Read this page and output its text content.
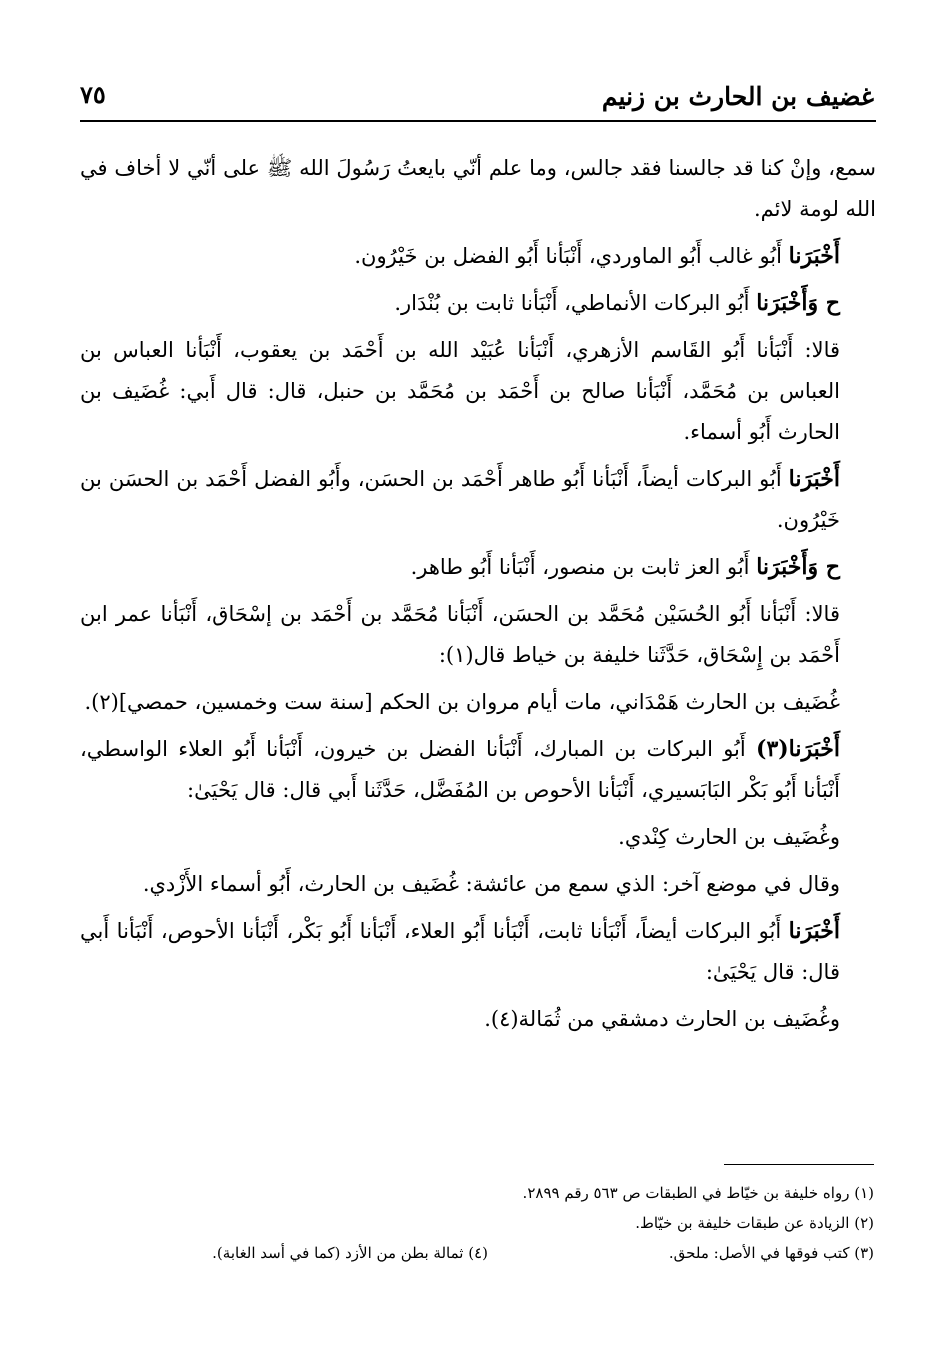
غضيف بن الحارث بن زنيم
٧٥

سمع، وإنْ كنا قد جالسنا فقد جالس، وما علم أنّي بايعتُ رَسُولَ الله ﷺ على أنّي لا أخاف في الله لومة لائم.

أَخْبَرَنا أَبُو غالب أَبُو الماوردي، أَنْبَأنا أَبُو الفضل بن خَيْرُون.

ح وَأَخْبَرَنا أَبُو البركات الأنماطي، أَنْبَأنا ثابت بن بُنْدَار.

قالا: أَنْبَأنا أَبُو القَاسم الأزهري، أَنْبَأنا عُبَيْد الله بن أَحْمَد بن يعقوب، أَنْبَأنا العباس بن العباس بن مُحَمَّد، أَنْبَأنا صالح بن أَحْمَد بن مُحَمَّد بن حنبل، قال: قال أَبي: غُضَيف بن الحارث أَبُو أسماء.

أَخْبَرَنا أَبُو البركات أيضاً، أَنْبَأنا أَبُو طاهر أَحْمَد بن الحسَن، وأَبُو الفضل أَحْمَد بن الحسَن بن خَيْرُون.

ح وَأَخْبَرَنا أَبُو العز ثابت بن منصور، أَنْبَأنا أَبُو طاهر.

قالا: أَنْبَأنا أَبُو الحُسَيْن مُحَمَّد بن الحسَن، أَنْبَأنا مُحَمَّد بن أَحْمَد بن إسْحَاق، أَنْبَأنا عمر ابن أَحْمَد بن إِسْحَاق، حَدَّثَنا خليفة بن خياط قال(١):

غُضَيف بن الحارث هَمْدَاني، مات أيام مروان بن الحكم [سنة ست وخمسين، حمصي](٢).

أَخْبَرَنا(٣) أَبُو البركات بن المبارك، أَنْبَأنا الفضل بن خيرون، أَنْبَأنا أَبُو العلاء الواسطي، أَنْبَأنا أَبُو بَكْر البَابَسيري، أَنْبَأنا الأحوص بن المُفَضَّل، حَدَّثَنا أَبي قال: قال يَحْيَىٰ:

وغُضَيف بن الحارث كِنْدي.

وقال في موضع آخر: الذي سمع من عائشة: غُضَيف بن الحارث، أَبُو أسماء الأَزْدي.

أَخْبَرَنا أَبُو البركات أيضاً، أَنْبَأنا ثابت، أَنْبَأنا أَبُو العلاء، أَنْبَأنا أَبُو بَكْر، أَنْبَأنا الأحوص، أَنْبَأنا أَبي قال: قال يَحْيَىٰ:

وغُضَيف بن الحارث دمشقي من ثُمَالة(٤).

(١) رواه خليفة بن خيّاط في الطبقات ص ٥٦٣ رقم ٢٨٩٩.
(٢) الزيادة عن طبقات خليفة بن خيّاط.
(٣) كتب فوقها في الأصل: ملحق.
(٤) ثمالة بطن من الأزد (كما في أسد الغابة).
